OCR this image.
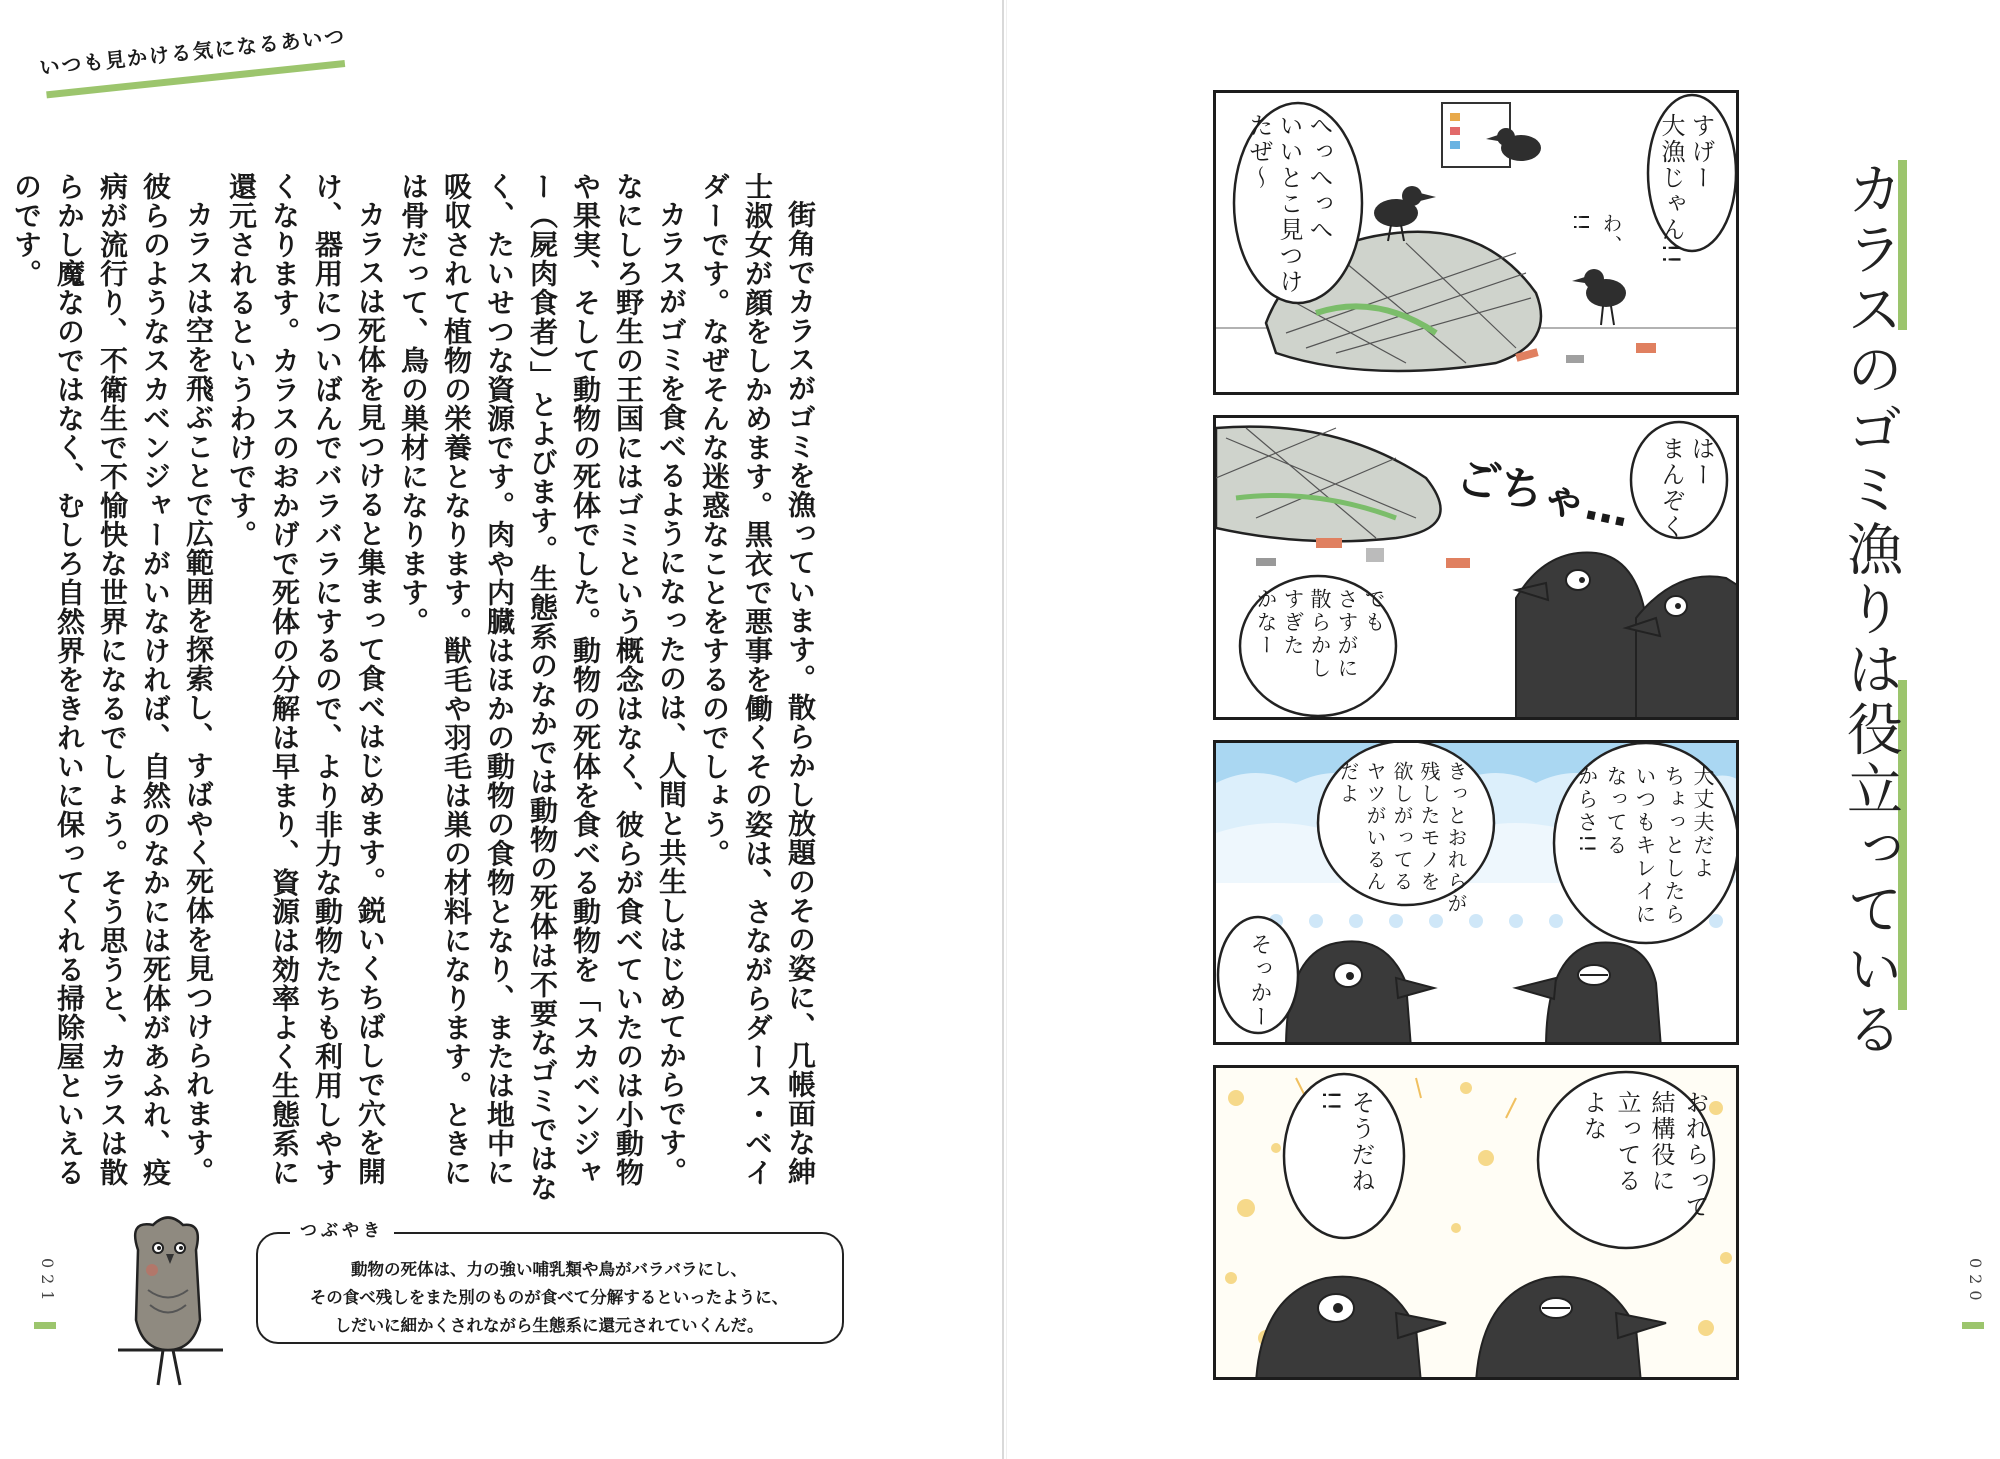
いつも見かける気になるあいつ

街角でカラスがゴミを漁っています。散らかし放題のその姿に、几帳面な紳士淑女が顔をしかめます。黒衣で悪事を働くその姿は、さながらダース・ベイダーです。なぜそんな迷惑なことをするのでしょう。

カラスがゴミを食べるようになったのは、人間と共生しはじめてからです。なにしろ野生の王国にはゴミという概念はなく、彼らが食べていたのは小動物や果実、そして動物の死体でした。動物の死体を食べる動物を「スカベンジャー（屍肉食者）」とよびます。生態系のなかでは動物の死体は不要なゴミではなく、たいせつな資源です。肉や内臓はほかの動物の食物となり、または地中に吸収されて植物の栄養となります。獣毛や羽毛は巣の材料になります。ときには骨だって、鳥の巣材になります。

カラスは死体を見つけると集まって食べはじめます。鋭いくちばしで穴を開け、器用についばんでバラバラにするので、より非力な動物たちも利用しやすくなります。カラスのおかげで死体の分解は早まり、資源は効率よく生態系に還元されるというわけです。

カラスは空を飛ぶことで広範囲を探索し、すばやく死体を見つけられます。彼らのようなスカベンジャーがいなければ、自然のなかには死体があふれ、疫病が流行り、不衛生で不愉快な世界になるでしょう。そう思うと、カラスは散らかし魔なのではなく、むしろ自然界をきれいに保ってくれる掃除屋といえるのです。

つぶやき
動物の死体は、力の強い哺乳類や鳥がバラバラにし、
その食べ残しをまた別のものが食べて分解するといったように、
しだいに細かくされながら生態系に還元されていくんだ。
021	020
すげー
大漁じゃん!!
へっへっへ
いいとこ見つけ
たぜ〜
わ、
!!
はー
まんぞく
でも
さすがに
散らかし
すぎた
かなー
ごちゃ…
大丈夫だよ
ちょっとしたら
いつもキレイに
なってる
からさ!!
きっとおれらが
残したモノを
欲しがってる
ヤツがいるん
だよ
そっかー
おれらって
結構役に
立ってる
よな
そうだね
!!
カラスのゴミ漁りは役立っている
